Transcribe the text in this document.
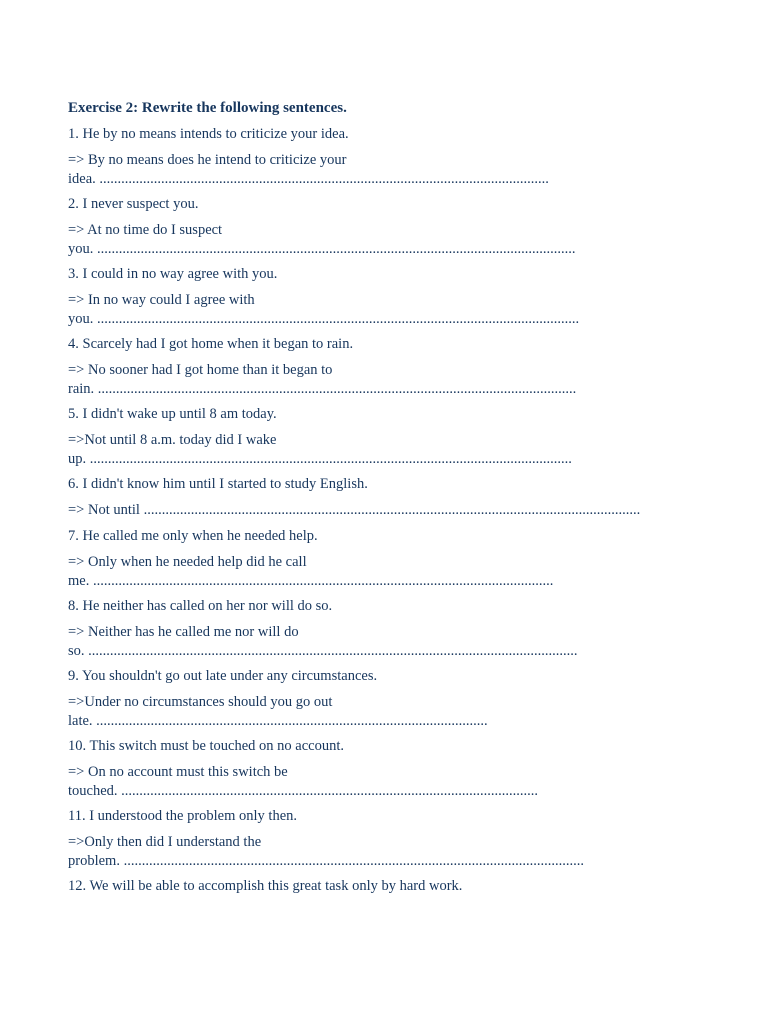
Exercise 2: Rewrite the following sentences.
1. He by no means intends to criticize your idea.
=> By no means does he intend to criticize your
idea. ............................................................................................................................
2. I never suspect you.
=> At no time do I suspect
you. ....................................................................................................................................
3. I could in no way agree with you.
=> In no way could I agree with
you. .....................................................................................................................................
4. Scarcely had I got home when it began to rain.
=> No sooner had I got home than it began to
rain. ....................................................................................................................................
5. I didn't wake up until 8 am today.
=>Not until 8 a.m. today did I wake
up. .....................................................................................................................................
6. I didn't know him until I started to study English.
=> Not until .........................................................................................................................................
7. He called me only when he needed help.
=> Only when he needed help did he call
me. ...............................................................................................................................
8. He neither has called on her nor will do so.
=> Neither has he called me nor will do
so. .......................................................................................................................................
9. You shouldn't go out late under any circumstances.
=>Under no circumstances should you go out
late. ............................................................................................................
10. This switch must be touched on no account.
=> On no account must this switch be
touched. ...................................................................................................................
11. I understood the problem only then.
=>Only then did I understand the
problem. ...............................................................................................................................
12. We will be able to accomplish this great task only by hard work.
